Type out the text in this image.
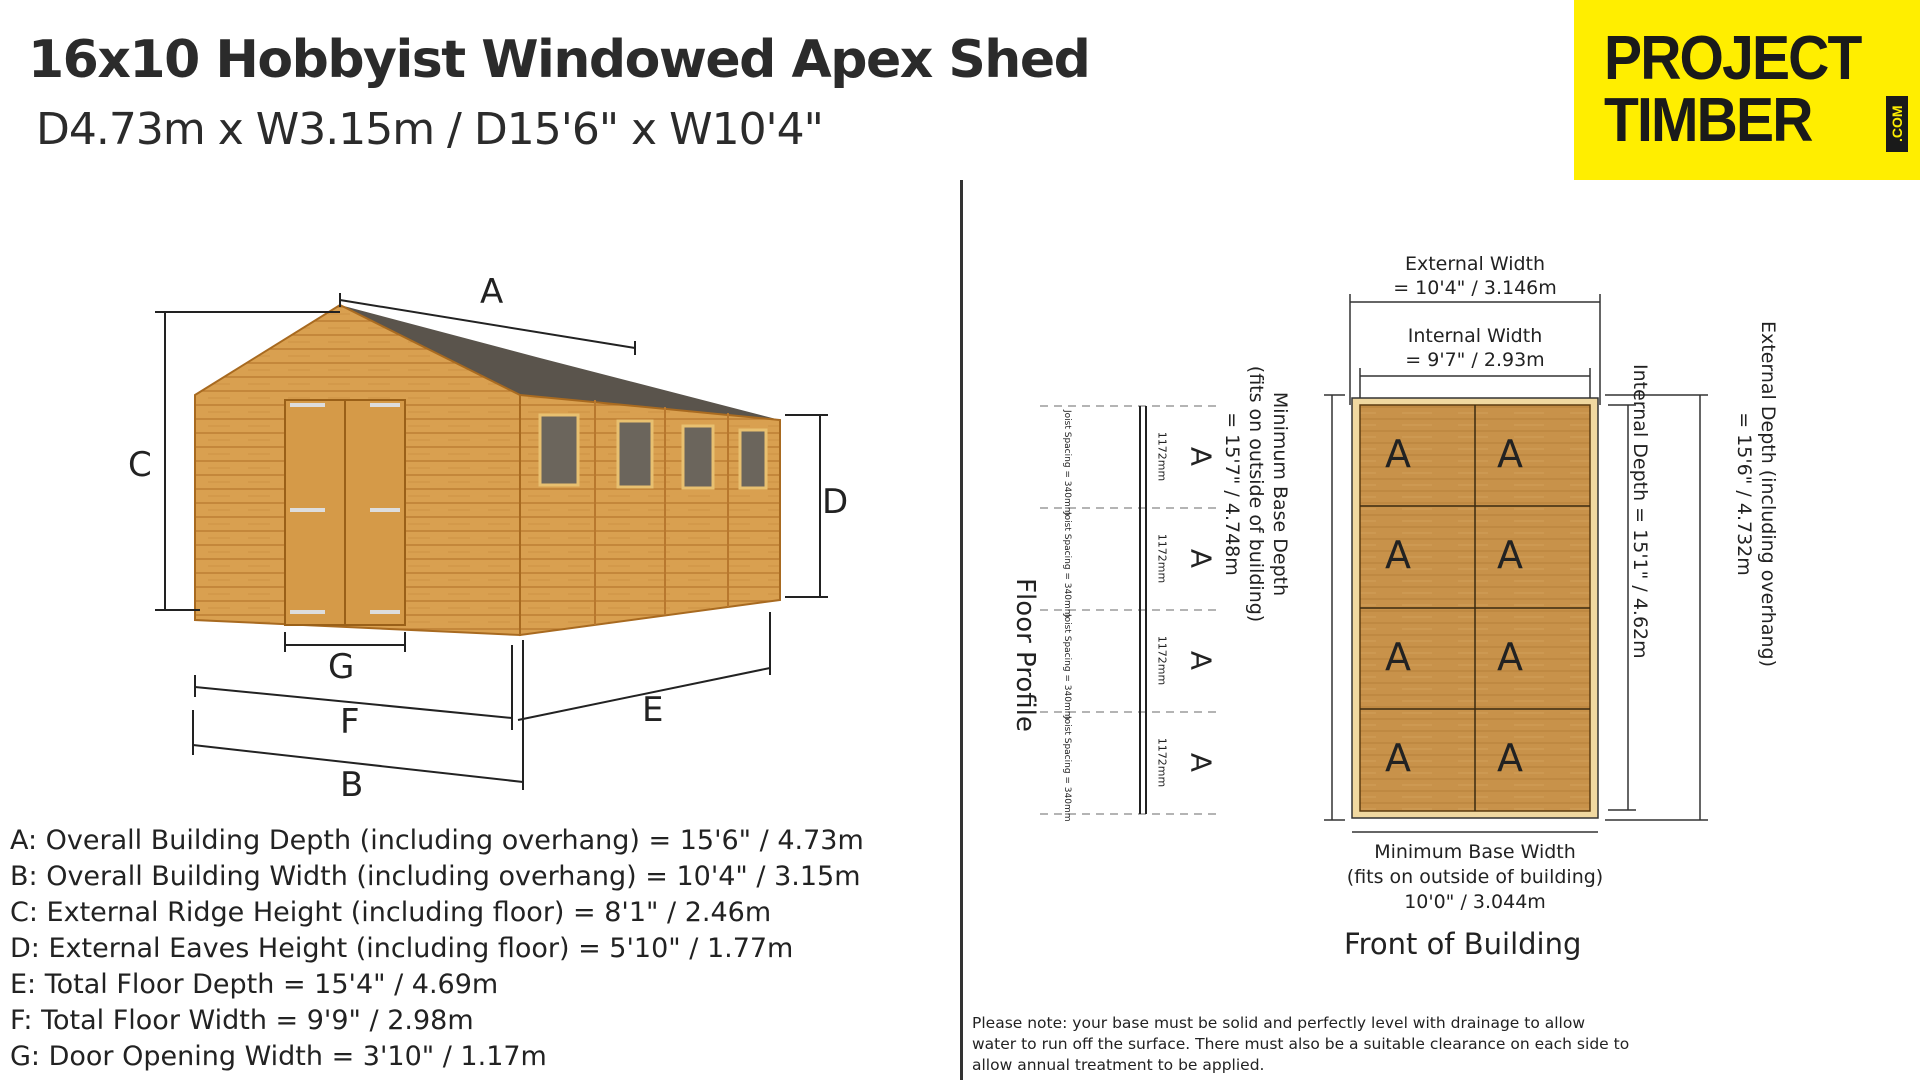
16x10 Hobbyist Windowed Apex Shed
D4.73m x W3.15m / D15'6" x W10'4"
PROJECT
TIMBER	.COM
A
B
C
D
E
F
G
A: Overall Building Depth (including overhang) = 15'6" / 4.73m
B: Overall Building Width (including overhang) = 10'4" / 3.15m
C: External Ridge Height (including floor) = 8'1" / 2.46m
D: External Eaves Height (including floor) = 5'10" / 1.77m
E: Total Floor Depth = 15'4" / 4.69m
F: Total Floor Width = 9'9" / 2.98m
G: Door Opening Width = 3'10" / 1.17m
Floor Profile
Joist Spacing = 340mm
Joist Spacing = 340mm
Joist Spacing = 340mm
Joist Spacing = 340mm
1172mm
1172mm
1172mm
1172mm
A
A
A
A
External Width
= 10'4" / 3.146m
Internal Width
= 9'7" / 2.93m
A A
A A
A A
A A
Minimum Base Depth
(fits on outside of building)
= 15'7" / 4.748m	Internal Depth = 15'1" / 4.62m	External Depth (including overhang)
= 15'6" / 4.732m
Minimum Base Width
(fits on outside of building)
10'0" / 3.044m
Front of Building
Please note: your base must be solid and perfectly level with drainage to allow water to run off the surface. There must also be a suitable clearance on each side to allow annual treatment to be applied.
